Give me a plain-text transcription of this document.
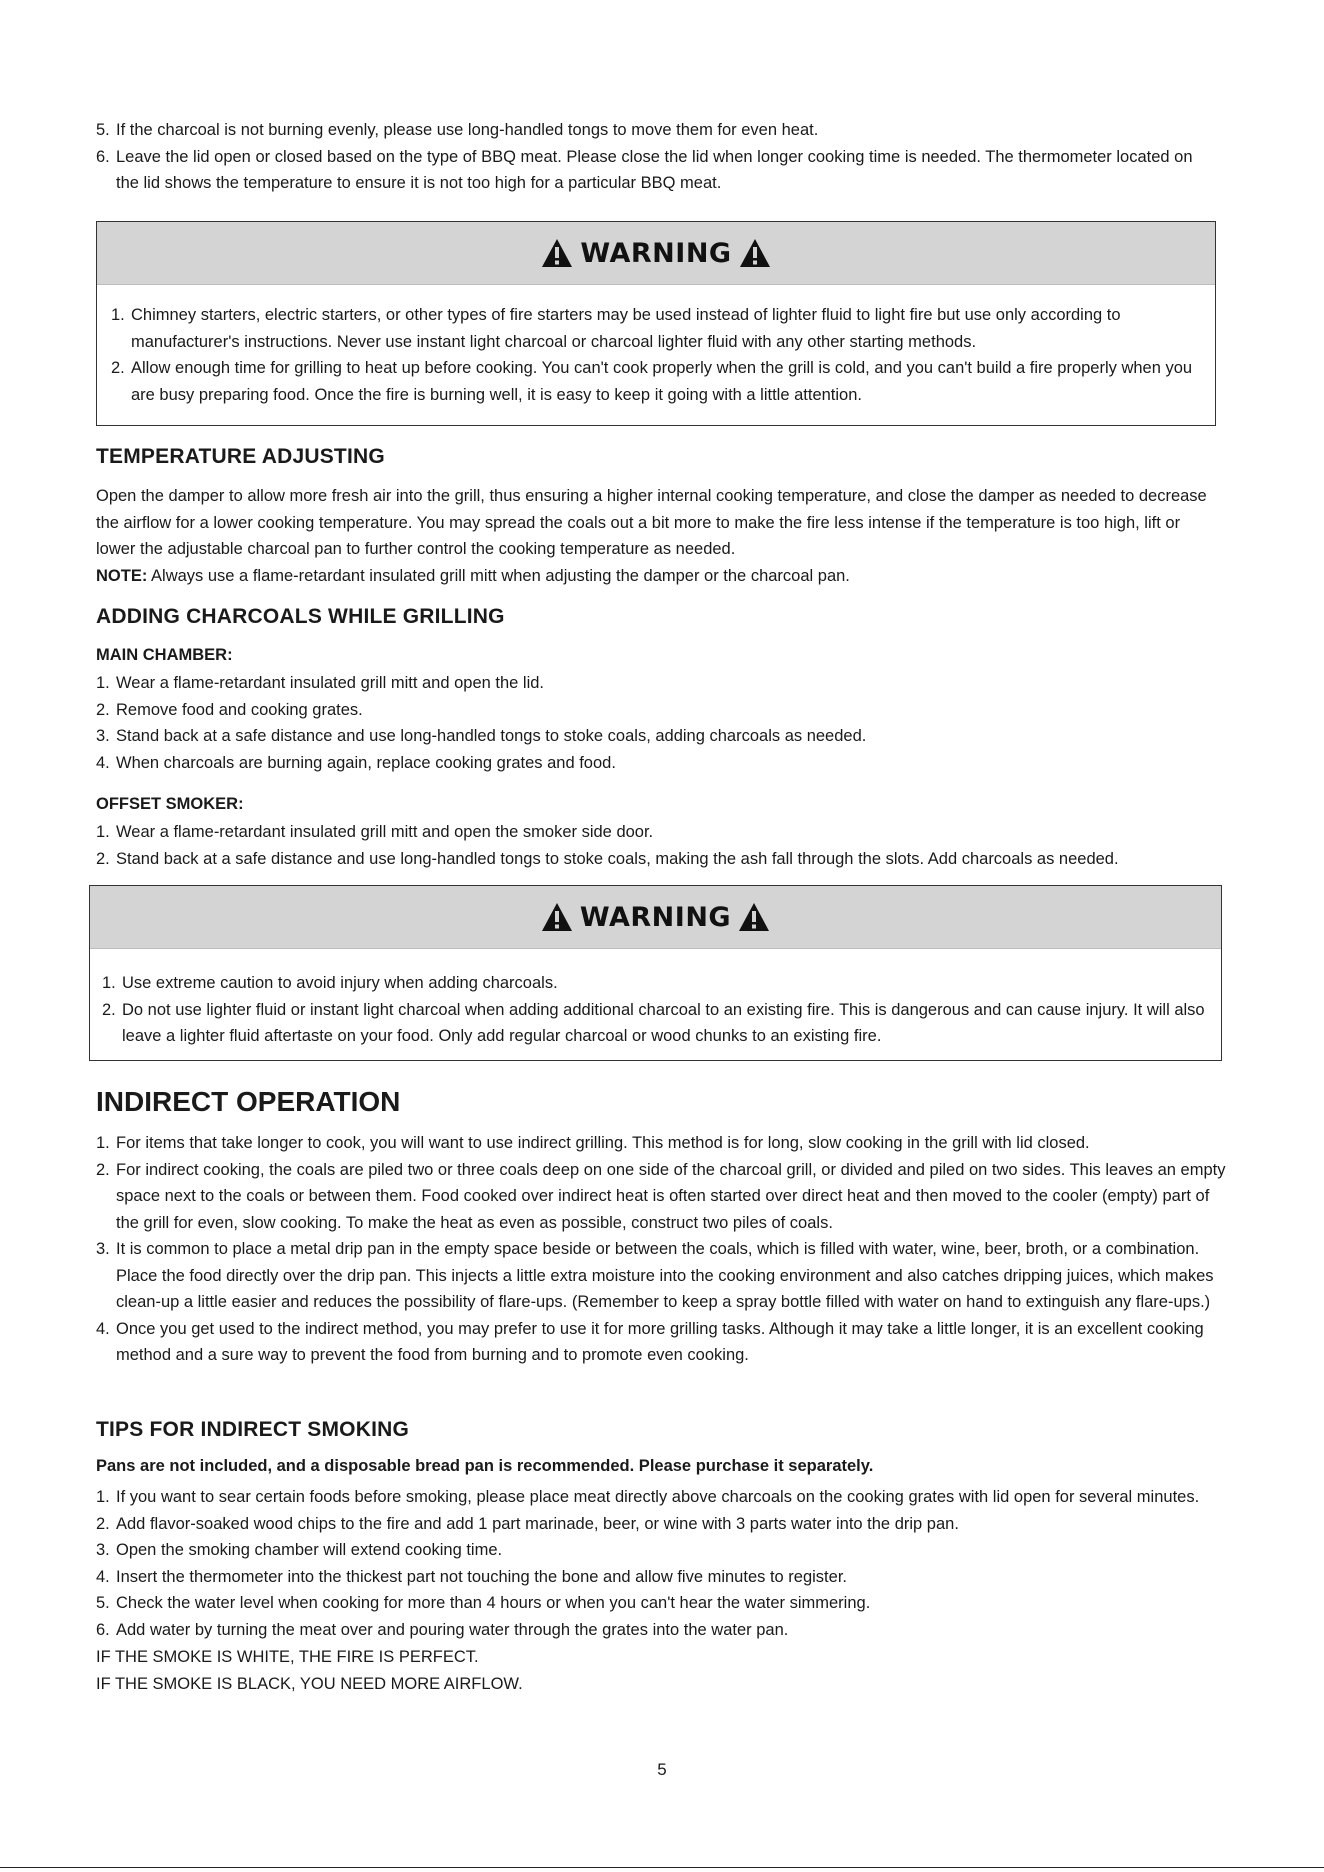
5. If the charcoal is not burning evenly, please use long-handled tongs to move them for even heat.
6. Leave the lid open or closed based on the type of BBQ meat. Please close the lid when longer cooking time is needed. The thermometer located on the lid shows the temperature to ensure it is not too high for a particular BBQ meat.
WARNING
1. Chimney starters, electric starters, or other types of fire starters may be used instead of lighter fluid to light fire but use only according to manufacturer's instructions. Never use instant light charcoal or charcoal lighter fluid with any other starting methods.
2. Allow enough time for grilling to heat up before cooking. You can't cook properly when the grill is cold, and you can't build a fire properly when you are busy preparing food. Once the fire is burning well, it is easy to keep it going with a little attention.
TEMPERATURE ADJUSTING

Open the damper to allow more fresh air into the grill, thus ensuring a higher internal cooking temperature, and close the damper as needed to decrease the airflow for a lower cooking temperature. You may spread the coals out a bit more to make the fire less intense if the temperature is too high, lift or lower the adjustable charcoal pan to further control the cooking temperature as needed.

NOTE: Always use a flame-retardant insulated grill mitt when adjusting the damper or the charcoal pan.

ADDING CHARCOALS WHILE GRILLING
MAIN CHAMBER:
1. Wear a flame-retardant insulated grill mitt and open the lid.
2. Remove food and cooking grates.
3. Stand back at a safe distance and use long-handled tongs to stoke coals, adding charcoals as needed.
4. When charcoals are burning again, replace cooking grates and food.
OFFSET SMOKER:
1. Wear a flame-retardant insulated grill mitt and open the smoker side door.
2. Stand back at a safe distance and use long-handled tongs to stoke coals, making the ash fall through the slots. Add charcoals as needed.
WARNING
1. Use extreme caution to avoid injury when adding charcoals.
2. Do not use lighter fluid or instant light charcoal when adding additional charcoal to an existing fire. This is dangerous and can cause injury. It will also leave a lighter fluid aftertaste on your food. Only add regular charcoal or wood chunks to an existing fire.
INDIRECT OPERATION
1. For items that take longer to cook, you will want to use indirect grilling. This method is for long, slow cooking in the grill with lid closed.
2. For indirect cooking, the coals are piled two or three coals deep on one side of the charcoal grill, or divided and piled on two sides. This leaves an empty space next to the coals or between them. Food cooked over indirect heat is often started over direct heat and then moved to the cooler (empty) part of the grill for even, slow cooking. To make the heat as even as possible, construct two piles of coals.
3. It is common to place a metal drip pan in the empty space beside or between the coals, which is filled with water, wine, beer, broth, or a combination. Place the food directly over the drip pan. This injects a little extra moisture into the cooking environment and also catches dripping juices, which makes clean-up a little easier and reduces the possibility of flare-ups. (Remember to keep a spray bottle filled with water on hand to extinguish any flare-ups.)
4. Once you get used to the indirect method, you may prefer to use it for more grilling tasks. Although it may take a little longer, it is an excellent cooking method and a sure way to prevent the food from burning and to promote even cooking.
TIPS FOR INDIRECT SMOKING
Pans are not included, and a disposable bread pan is recommended. Please purchase it separately.
1. If you want to sear certain foods before smoking, please place meat directly above charcoals on the cooking grates with lid open for several minutes.
2. Add flavor-soaked wood chips to the fire and add 1 part marinade, beer, or wine with 3 parts water into the drip pan.
3. Open the smoking chamber will extend cooking time.
4. Insert the thermometer into the thickest part not touching the bone and allow five minutes to register.
5. Check the water level when cooking for more than 4 hours or when you can't hear the water simmering.
6. Add water by turning the meat over and pouring water through the grates into the water pan.

IF THE SMOKE IS WHITE, THE FIRE IS PERFECT.

IF THE SMOKE IS BLACK, YOU NEED MORE AIRFLOW.

5
